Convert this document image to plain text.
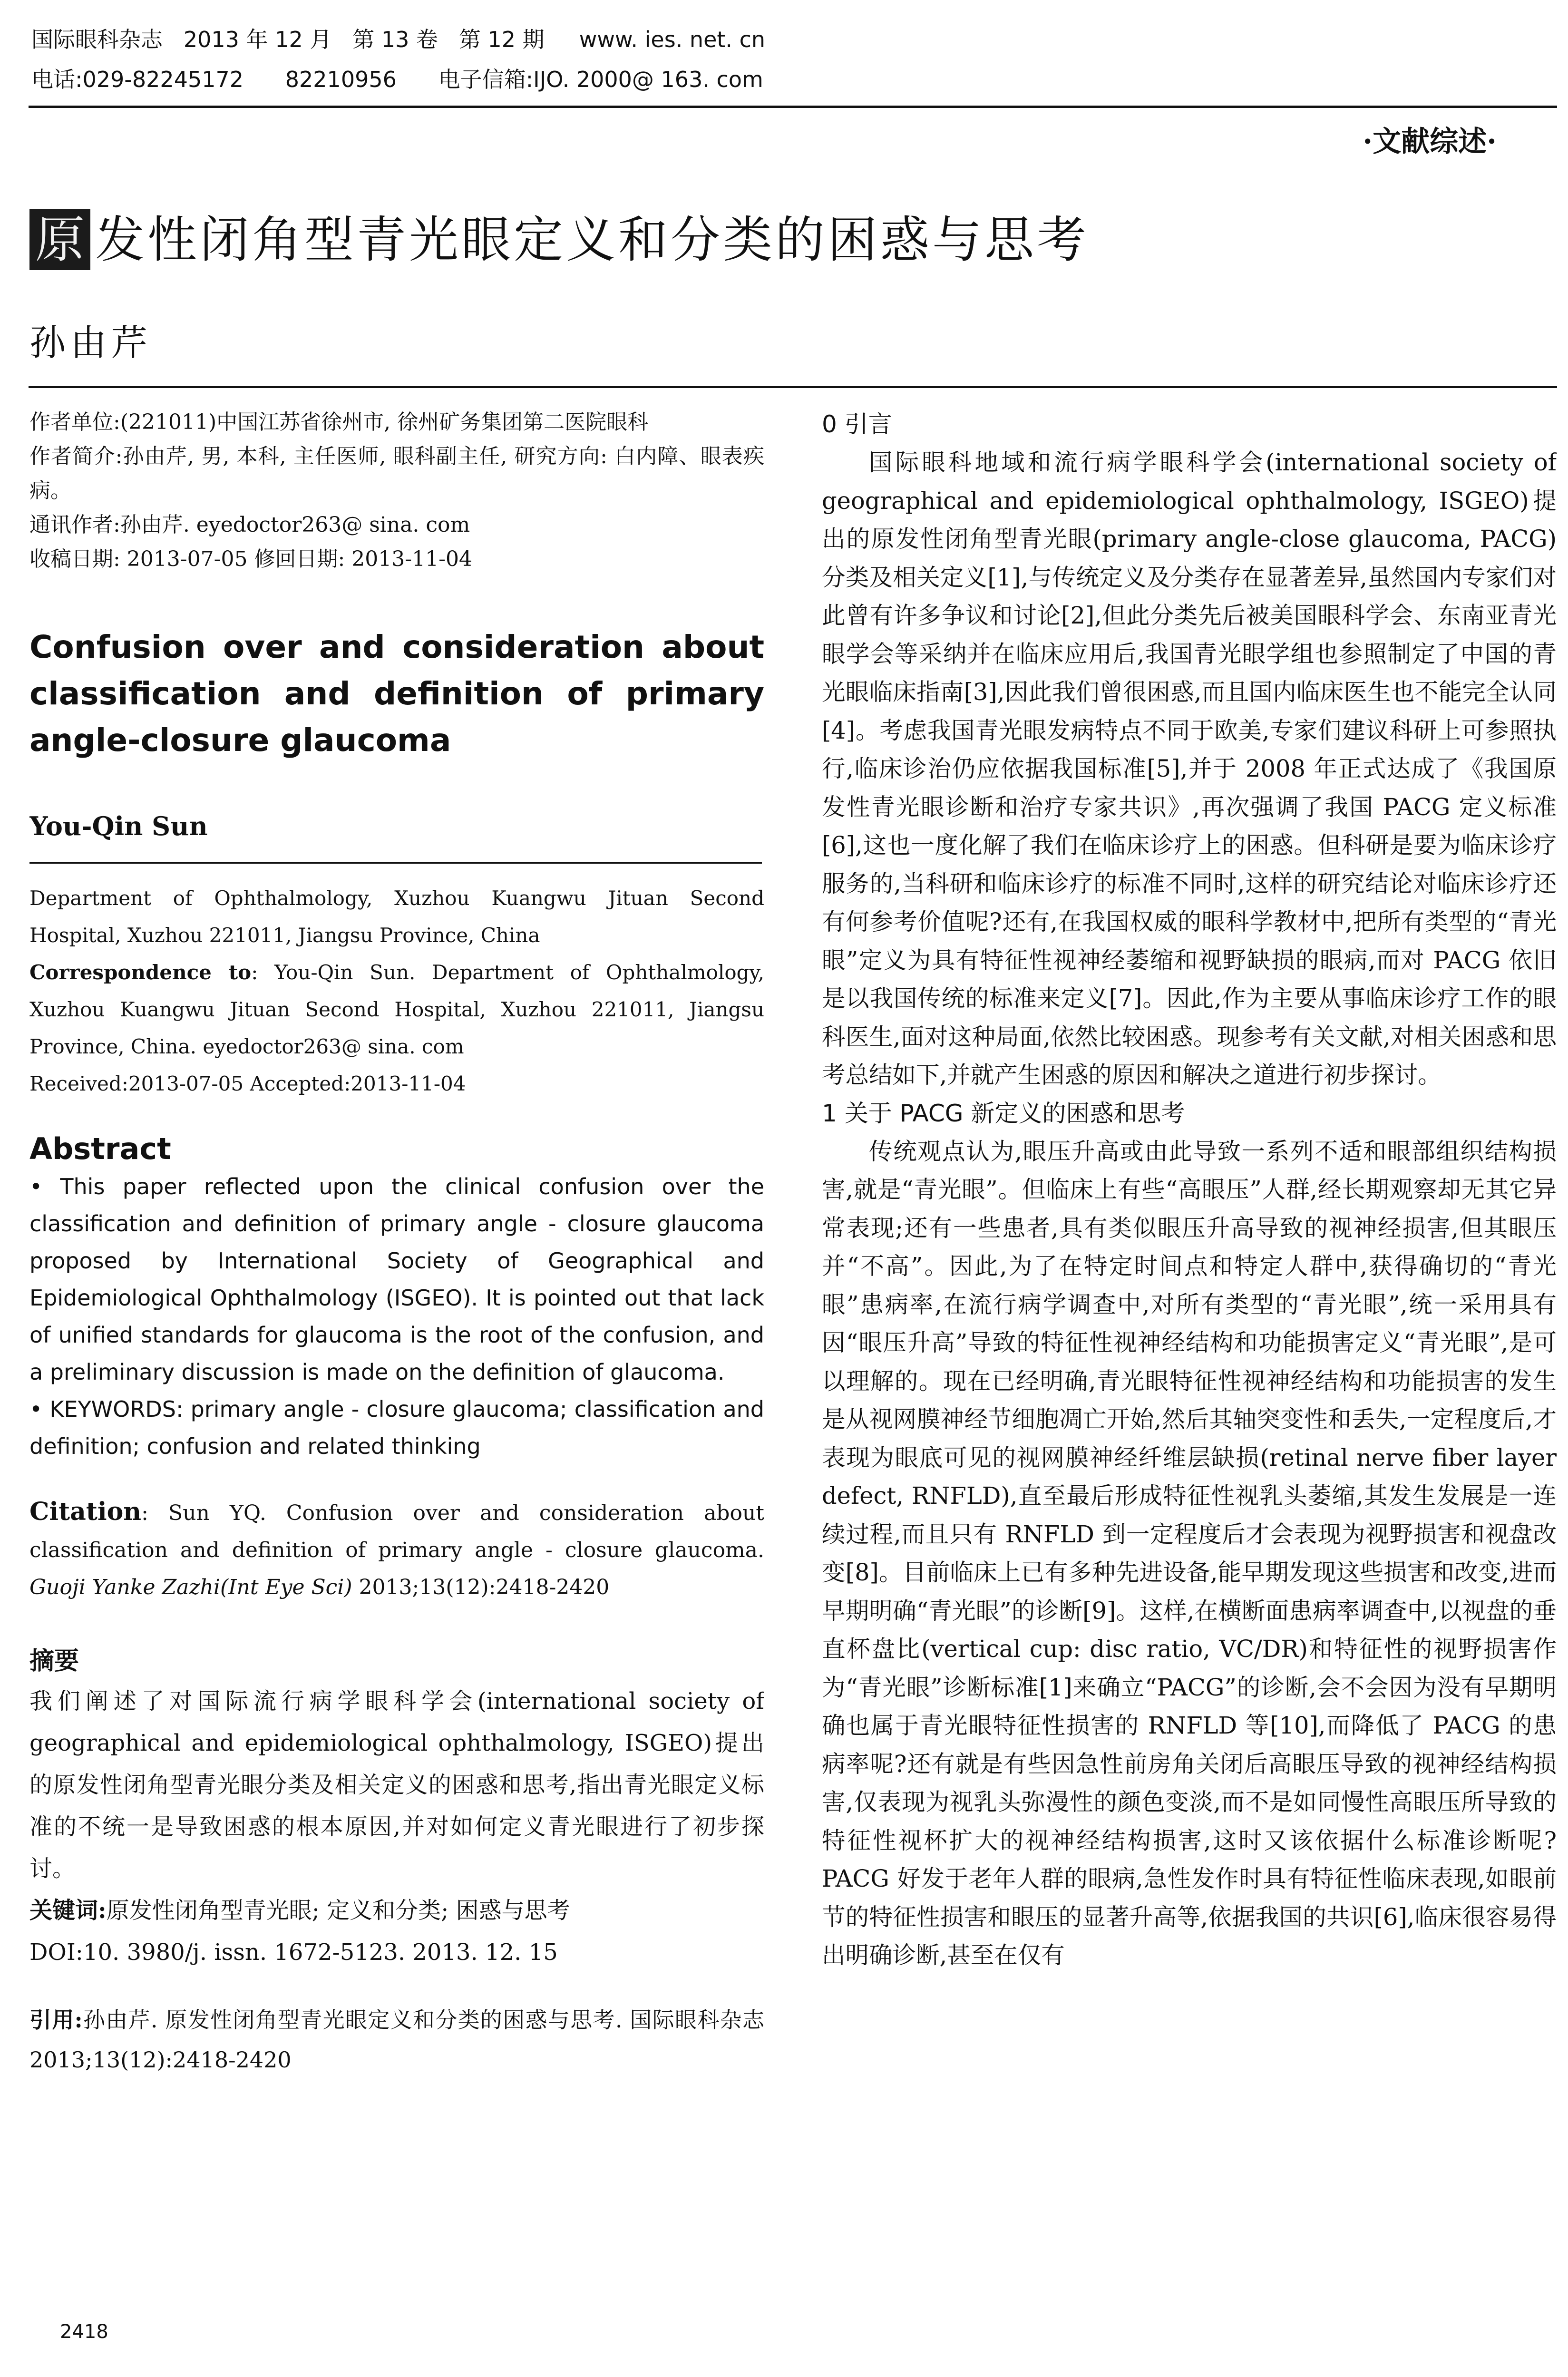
国际眼科杂志   2013 年 12 月   第 13 卷   第 12 期     www. ies. net. cn
电话:029-82245172      82210956      电子信箱:IJO. 2000@ 163. com
·文献综述·
原 发性闭角型青光眼定义和分类的困惑与思考
孙由芹

作者单位:(221011)中国江苏省徐州市, 徐州矿务集团第二医院眼科

作者简介:孙由芹, 男, 本科, 主任医师, 眼科副主任, 研究方向: 白内障、眼表疾病。

通讯作者:孙由芹. eyedoctor263@ sina. com

收稿日期: 2013-07-05 修回日期: 2013-11-04

Confusion over and consideration about classification and definition of primary angle-closure glaucoma

You-Qin Sun

Department of Ophthalmology, Xuzhou Kuangwu Jituan Second Hospital, Xuzhou 221011, Jiangsu Province, China

Correspondence to: You-Qin Sun. Department of Ophthalmology, Xuzhou Kuangwu Jituan Second Hospital, Xuzhou 221011, Jiangsu Province, China. eyedoctor263@ sina. com

Received:2013-07-05 Accepted:2013-11-04

Abstract

• This paper reflected upon the clinical confusion over the classification and definition of primary angle - closure glaucoma proposed by International Society of Geographical and Epidemiological Ophthalmology (ISGEO). It is pointed out that lack of unified standards for glaucoma is the root of the confusion, and a preliminary discussion is made on the definition of glaucoma.

• KEYWORDS: primary angle - closure glaucoma; classification and definition; confusion and related thinking

Citation: Sun YQ. Confusion over and consideration about classification and definition of primary angle - closure glaucoma. Guoji Yanke Zazhi(Int Eye Sci) 2013;13(12):2418-2420

摘要

我们阐述了对国际流行病学眼科学会(international society of geographical and epidemiological ophthalmology, ISGEO)提出的原发性闭角型青光眼分类及相关定义的困惑和思考,指出青光眼定义标准的不统一是导致困惑的根本原因,并对如何定义青光眼进行了初步探讨。

关键词:原发性闭角型青光眼; 定义和分类; 困惑与思考

DOI:10. 3980/j. issn. 1672-5123. 2013. 12. 15

引用:孙由芹. 原发性闭角型青光眼定义和分类的困惑与思考. 国际眼科杂志 2013;13(12):2418-2420

0 引言

国际眼科地域和流行病学眼科学会(international society of geographical and epidemiological ophthalmology, ISGEO)提出的原发性闭角型青光眼(primary angle-close glaucoma, PACG)分类及相关定义[1],与传统定义及分类存在显著差异,虽然国内专家们对此曾有许多争议和讨论[2],但此分类先后被美国眼科学会、东南亚青光眼学会等采纳并在临床应用后,我国青光眼学组也参照制定了中国的青光眼临床指南[3],因此我们曾很困惑,而且国内临床医生也不能完全认同[4]。考虑我国青光眼发病特点不同于欧美,专家们建议科研上可参照执行,临床诊治仍应依据我国标准[5],并于 2008 年正式达成了《我国原发性青光眼诊断和治疗专家共识》,再次强调了我国 PACG 定义标准[6],这也一度化解了我们在临床诊疗上的困惑。但科研是要为临床诊疗服务的,当科研和临床诊疗的标准不同时,这样的研究结论对临床诊疗还有何参考价值呢?还有,在我国权威的眼科学教材中,把所有类型的“青光眼”定义为具有特征性视神经萎缩和视野缺损的眼病,而对 PACG 依旧是以我国传统的标准来定义[7]。因此,作为主要从事临床诊疗工作的眼科医生,面对这种局面,依然比较困惑。现参考有关文献,对相关困惑和思考总结如下,并就产生困惑的原因和解决之道进行初步探讨。

1 关于 PACG 新定义的困惑和思考

传统观点认为,眼压升高或由此导致一系列不适和眼部组织结构损害,就是“青光眼”。但临床上有些“高眼压”人群,经长期观察却无其它异常表现;还有一些患者,具有类似眼压升高导致的视神经损害,但其眼压并“不高”。因此,为了在特定时间点和特定人群中,获得确切的“青光眼”患病率,在流行病学调查中,对所有类型的“青光眼”,统一采用具有因“眼压升高”导致的特征性视神经结构和功能损害定义“青光眼”,是可以理解的。现在已经明确,青光眼特征性视神经结构和功能损害的发生是从视网膜神经节细胞凋亡开始,然后其轴突变性和丢失,一定程度后,才表现为眼底可见的视网膜神经纤维层缺损(retinal nerve fiber layer defect, RNFLD),直至最后形成特征性视乳头萎缩,其发生发展是一连续过程,而且只有 RNFLD 到一定程度后才会表现为视野损害和视盘改变[8]。目前临床上已有多种先进设备,能早期发现这些损害和改变,进而早期明确“青光眼”的诊断[9]。这样,在横断面患病率调查中,以视盘的垂直杯盘比(vertical cup: disc ratio, VC/DR)和特征性的视野损害作为“青光眼”诊断标准[1]来确立“PACG”的诊断,会不会因为没有早期明确也属于青光眼特征性损害的 RNFLD 等[10],而降低了 PACG 的患病率呢?还有就是有些因急性前房角关闭后高眼压导致的视神经结构损害,仅表现为视乳头弥漫性的颜色变淡,而不是如同慢性高眼压所导致的特征性视杯扩大的视神经结构损害,这时又该依据什么标准诊断呢?PACG 好发于老年人群的眼病,急性发作时具有特征性临床表现,如眼前节的特征性损害和眼压的显著升高等,依据我国的共识[6],临床很容易得出明确诊断,甚至在仅有

2418
